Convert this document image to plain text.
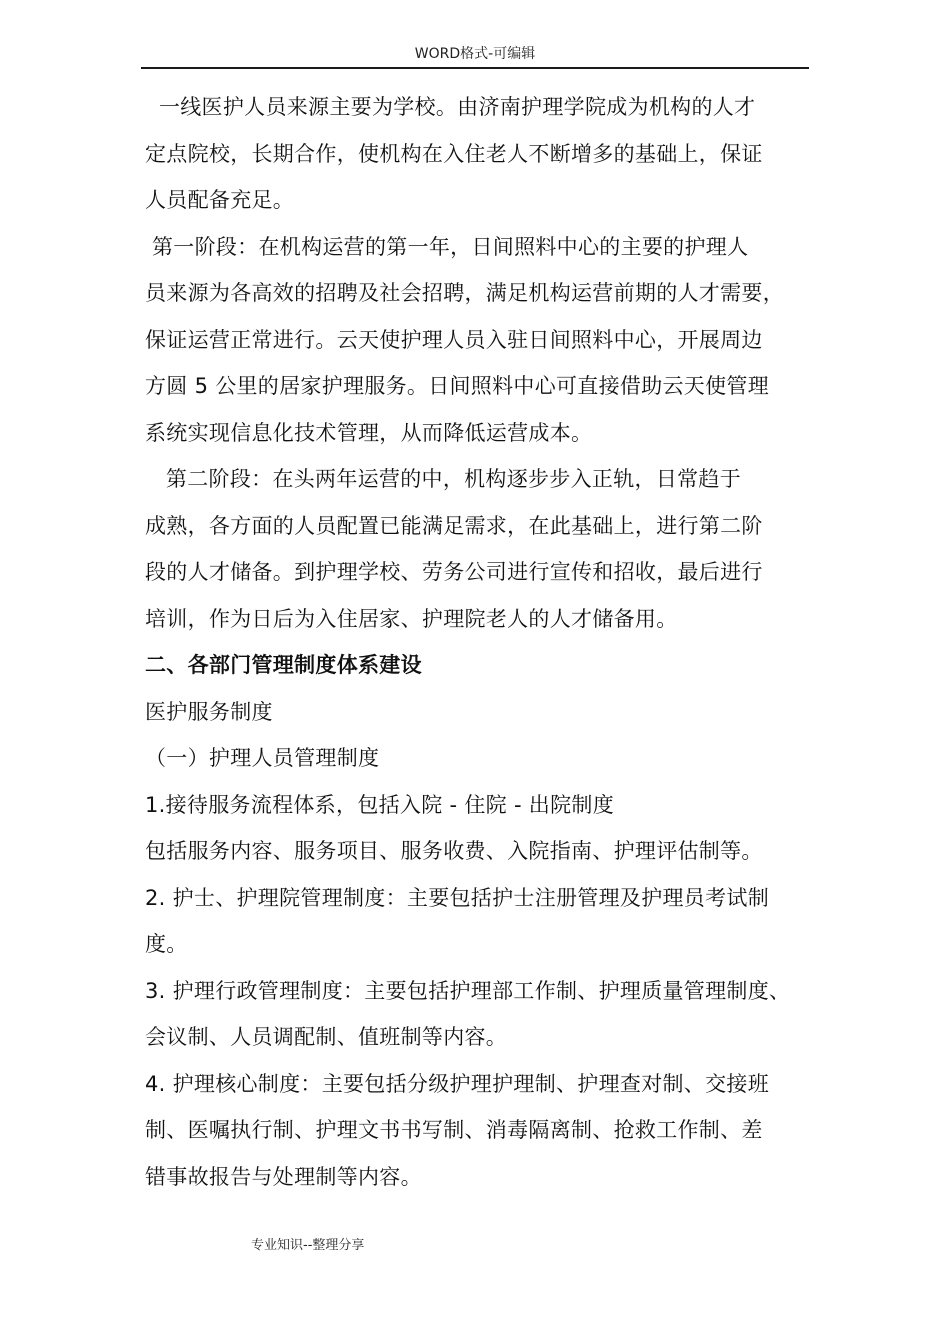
WORD格式-可编辑
一线医护人员来源主要为学校。由济南护理学院成为机构的人才
定点院校，长期合作，使机构在入住老人不断增多的基础上，保证
人员配备充足。
第一阶段：在机构运营的第一年，日间照料中心的主要的护理人
员来源为各高效的招聘及社会招聘，满足机构运营前期的人才需要，
保证运营正常进行。云天使护理人员入驻日间照料中心，开展周边
方圆 5 公里的居家护理服务。日间照料中心可直接借助云天使管理
系统实现信息化技术管理，从而降低运营成本。
第二阶段：在头两年运营的中，机构逐步步入正轨，日常趋于
成熟，各方面的人员配置已能满足需求，在此基础上，进行第二阶
段的人才储备。到护理学校、劳务公司进行宣传和招收，最后进行
培训，作为日后为入住居家、护理院老人的人才储备用。
二、各部门管理制度体系建设
医护服务制度
（一）护理人员管理制度
1.接待服务流程体系，包括入院 - 住院 - 出院制度
包括服务内容、服务项目、服务收费、入院指南、护理评估制等。
2. 护士、护理院管理制度：主要包括护士注册管理及护理员考试制
度。
3. 护理行政管理制度：主要包括护理部工作制、护理质量管理制度、
会议制、人员调配制、值班制等内容。
4. 护理核心制度：主要包括分级护理护理制、护理查对制、交接班
制、医嘱执行制、护理文书书写制、消毒隔离制、抢救工作制、差
错事故报告与处理制等内容。
专业知识--整理分享
